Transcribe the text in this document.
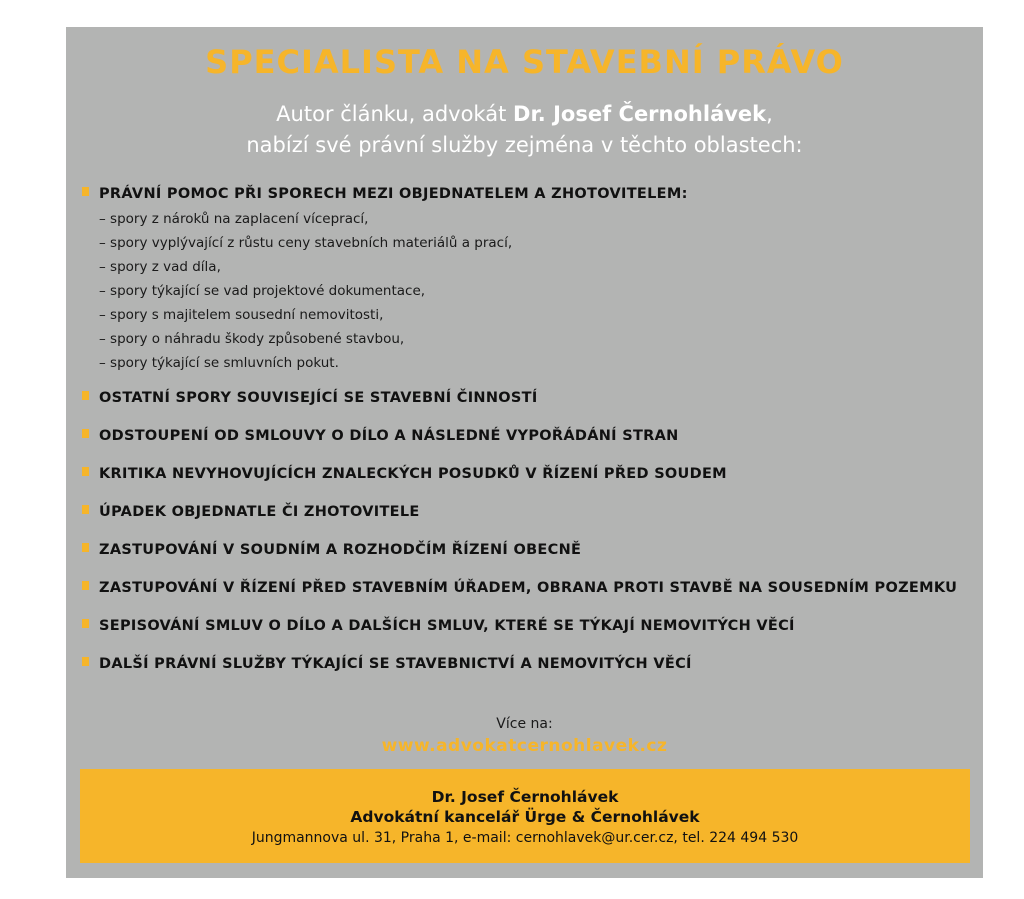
SPECIALISTA NA STAVEBNÍ PRÁVO
Autor článku, advokát Dr. Josef Černohlávek,
nabízí své právní služby zejména v těchto oblastech:
PRÁVNÍ POMOC PŘI SPORECH MEZI OBJEDNATELEM A ZHOTOVITELEM:
– spory z nároků na zaplacení víceprací,
– spory vyplývající z růstu ceny stavebních materiálů a prací,
– spory z vad díla,
– spory týkající se vad projektové dokumentace,
– spory s majitelem sousední nemovitosti,
– spory o náhradu škody způsobené stavbou,
– spory týkající se smluvních pokut.
OSTATNÍ SPORY SOUVISEJÍCÍ SE STAVEBNÍ ČINNOSTÍ
ODSTOUPENÍ OD SMLOUVY O DÍLO A NÁSLEDNÉ VYPOŘÁDÁNÍ STRAN
KRITIKA NEVYHOVUJÍCÍCH ZNALECKÝCH POSUDKŮ V ŘÍZENÍ PŘED SOUDEM
ÚPADEK OBJEDNATLE ČI ZHOTOVITELE
ZASTUPOVÁNÍ V SOUDNÍM A ROZHODČÍM ŘÍZENÍ OBECNĚ
ZASTUPOVÁNÍ V ŘÍZENÍ PŘED STAVEBNÍM ÚŘADEM, OBRANA PROTI STAVBĚ NA SOUSEDNÍM POZEMKU
SEPISOVÁNÍ SMLUV O DÍLO A DALŠÍCH SMLUV, KTERÉ SE TÝKAJÍ NEMOVITÝCH VĚCÍ
DALŠÍ PRÁVNÍ SLUŽBY TÝKAJÍCÍ SE STAVEBNICTVÍ A NEMOVITÝCH VĚCÍ
Více na:
www.advokatcernohlavek.cz
Dr. Josef Černohlávek
Advokátní kancelář Ürge & Černohlávek
Jungmannova ul. 31, Praha 1, e-mail: cernohlavek@ur.cer.cz, tel. 224 494 530
